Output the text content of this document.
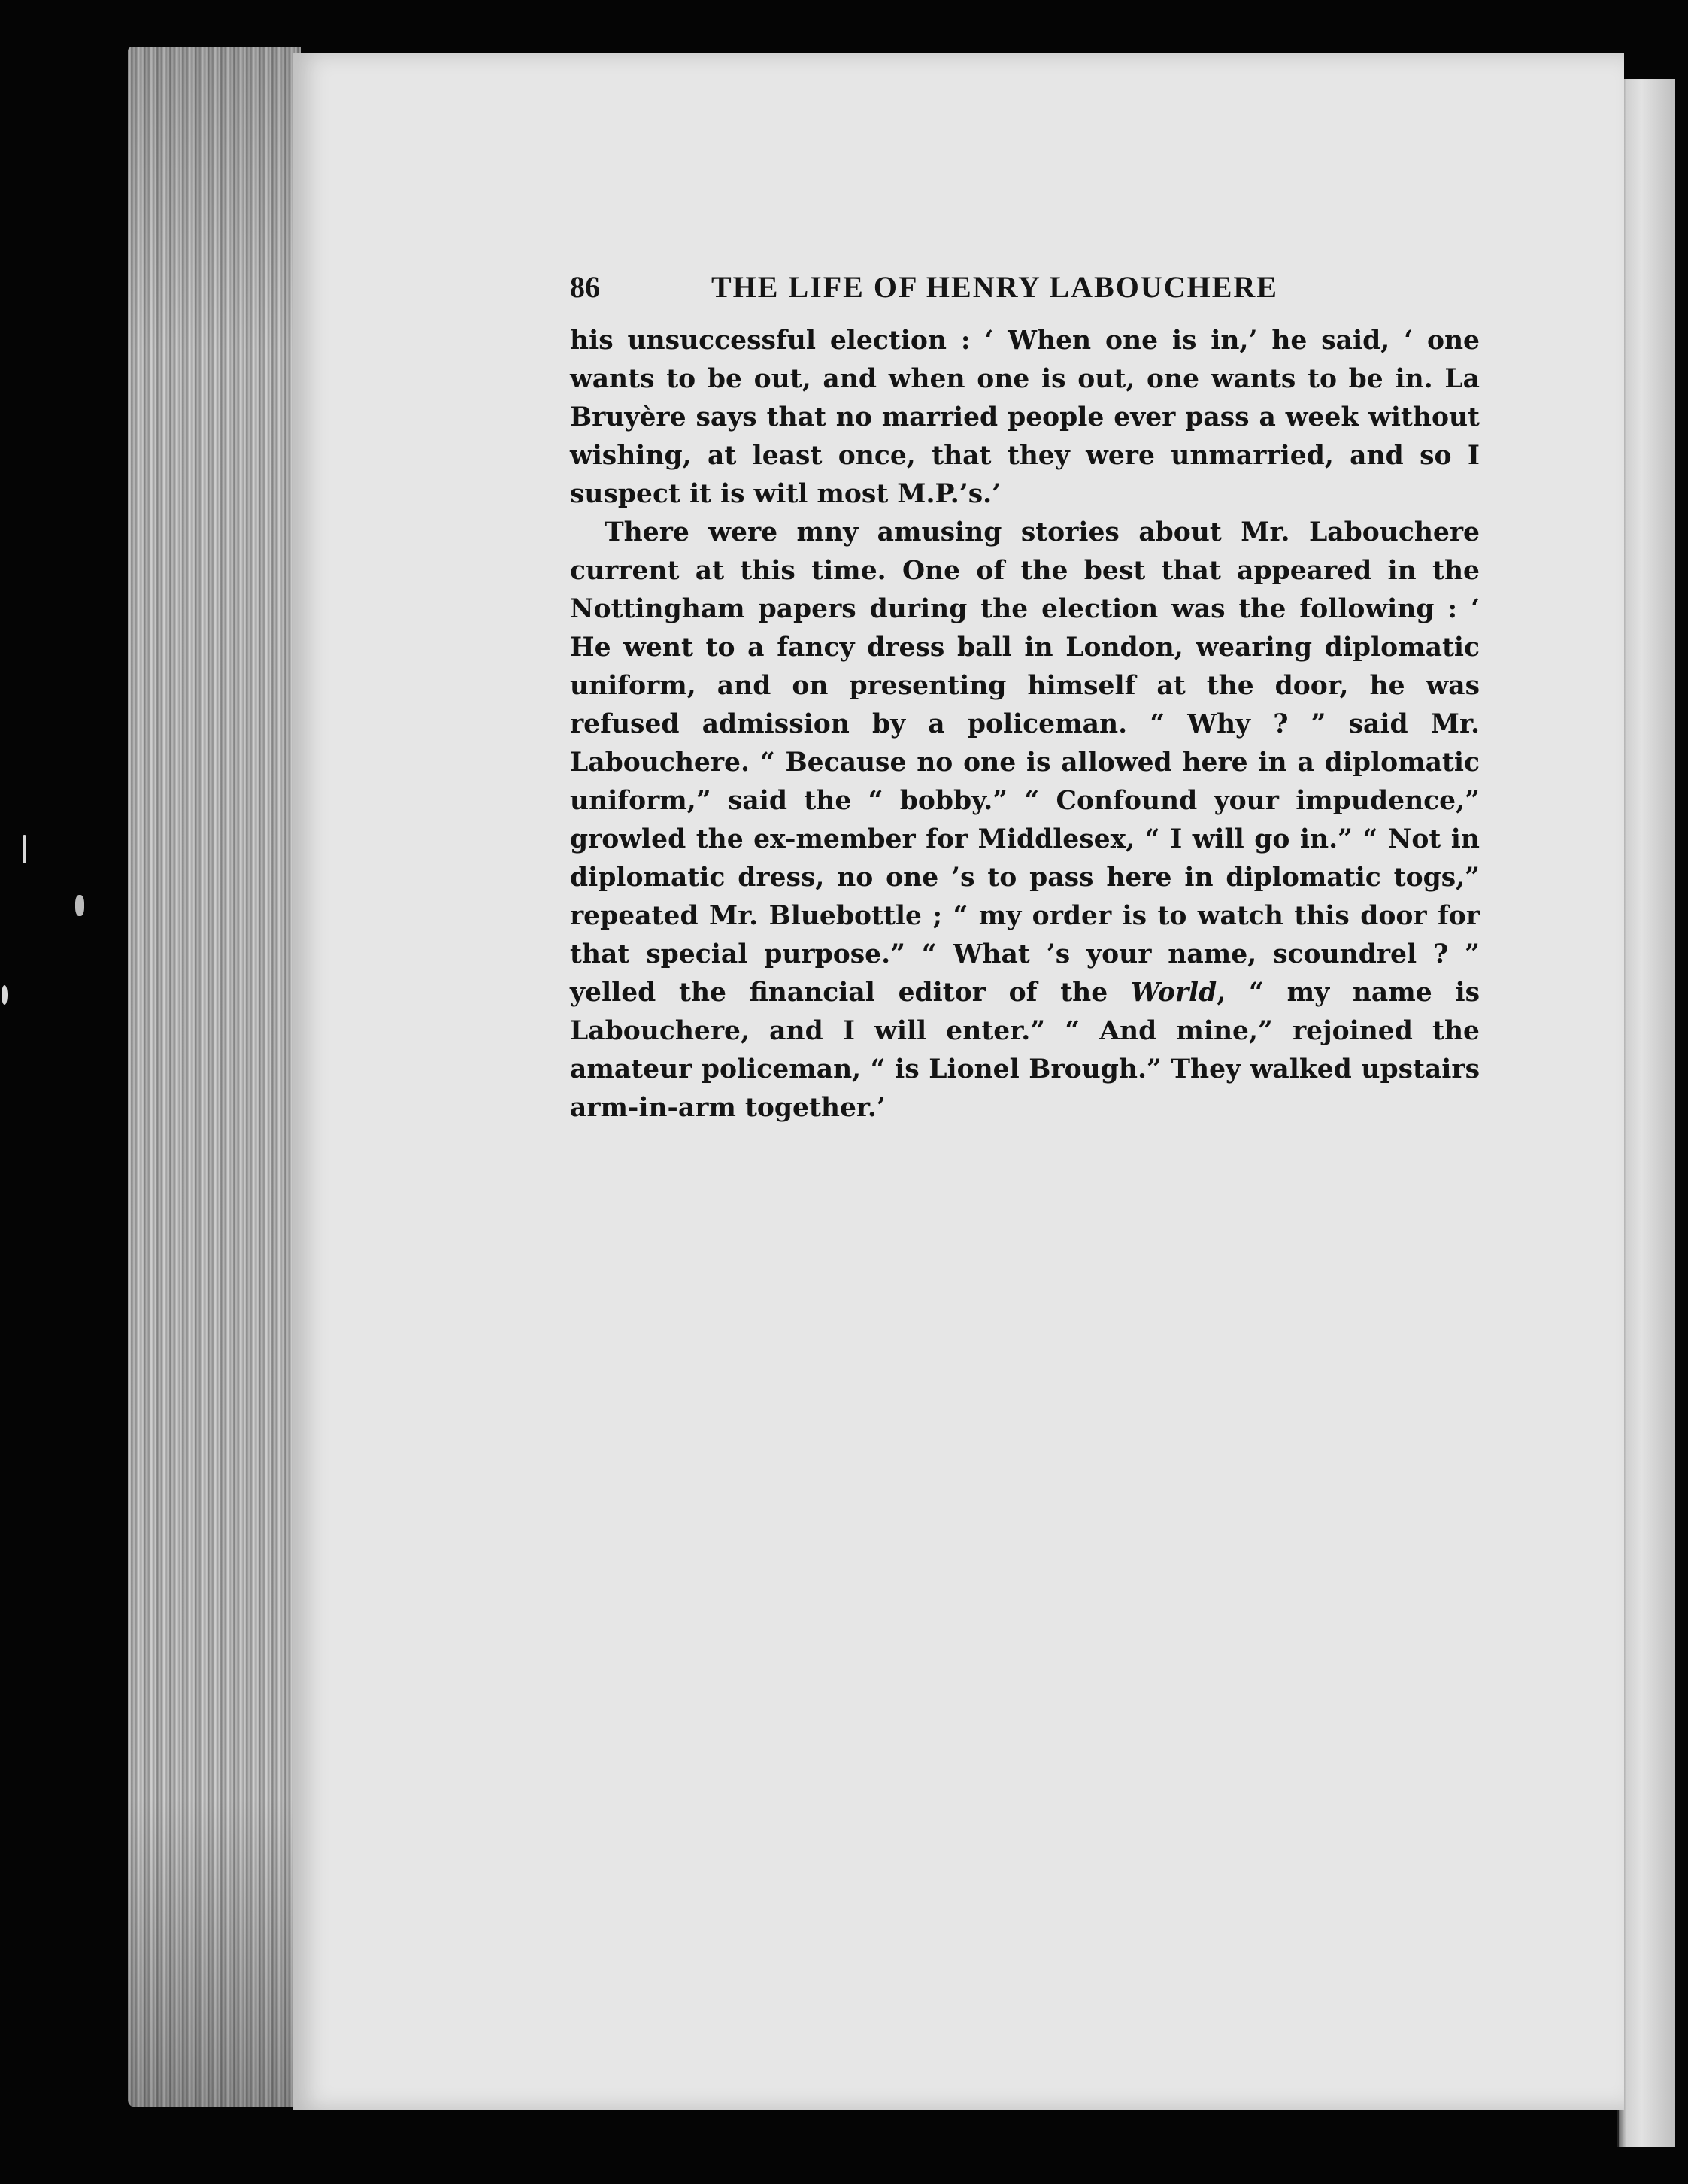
86	THE LIFE OF HENRY LABOUCHERE

his unsuccessful election : ‘ When one is in,’ he said, ‘ one wants to be out, and when one is out, one wants to be in. La Bruyère says that no married people ever pa⁠ss a week without wishing, at least once, that they were unmarried, and so I suspect it is witl most M.P.’s.’

There were m⁠ny amusing stories about Mr. Labouchere current at this time. One of the best that appeared in the Nottingham papers during the election was the following : ‘ He went to a fancy dress ball in London, wearing diplomatic uniform, and on presenting himself at the door, he was refused admission by a policeman. “ Why ? ” said Mr. Labouchere. “ Because no one is allowed here in a diplomatic uniform,” said the “ bobb⁠y.” “ Confound your impudence,” growled the ex-member fo⁠r Middlesex, “ I will go in.” “ Not in diplomatic dress, no one ’s to pass here in diplomatic togs,” repeated Mr. Bluebottle ; “ my order is to watch this door for that special purpose.” “ What ’s your name, scoundrel ? ” yelled the financial editor of the World, “ my name is Labouchere, and I will enter.” “ And mine,” rejoined the amateur policeman, “ is Lionel Brough.” They walked upstairs arm-in-arm together.’
